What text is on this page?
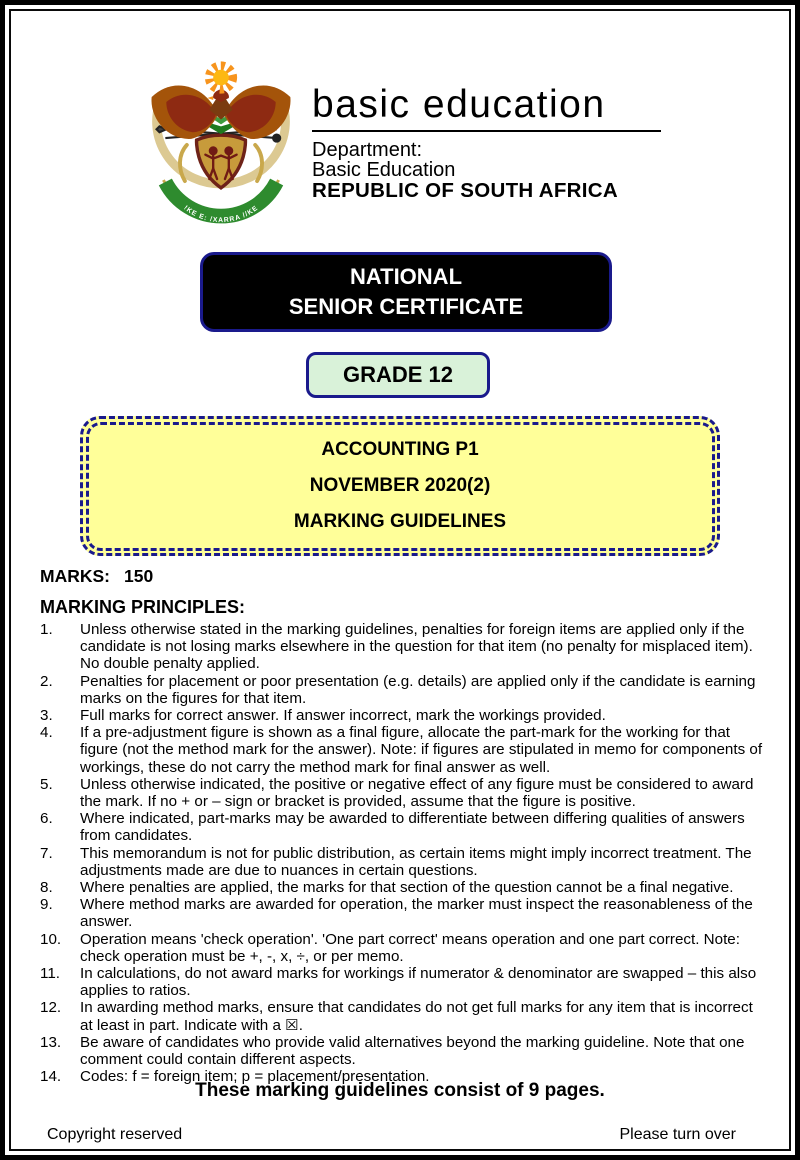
!KE E: /XARRA //KE
basic education
Department:
Basic Education
REPUBLIC OF SOUTH AFRICA
NATIONAL
SENIOR CERTIFICATE
GRADE 12
ACCOUNTING P1
NOVEMBER 2020(2)
MARKING GUIDELINES
MARKS: 150
MARKING PRINCIPLES:
1.	Unless otherwise stated in the marking guidelines, penalties for foreign items are applied only if the candidate is not losing marks elsewhere in the question for that item (no penalty for misplaced item). No double penalty applied.
2.	Penalties for placement or poor presentation (e.g. details) are applied only if the candidate is earning marks on the figures for that item.
3.	Full marks for correct answer. If answer incorrect, mark the workings provided.
4.	If a pre-adjustment figure is shown as a final figure, allocate the part-mark for the working for that figure (not the method mark for the answer). Note: if figures are stipulated in memo for components of workings, these do not carry the method mark for final answer as well.
5.	Unless otherwise indicated, the positive or negative effect of any figure must be considered to award the mark. If no + or – sign or bracket is provided, assume that the figure is positive.
6.	Where indicated, part-marks may be awarded to differentiate between differing qualities of answers from candidates.
7.	This memorandum is not for public distribution, as certain items might imply incorrect treatment. The adjustments made are due to nuances in certain questions.
8.	Where penalties are applied, the marks for that section of the question cannot be a final negative.
9.	Where method marks are awarded for operation, the marker must inspect the reasonableness of the answer.
10.	Operation means 'check operation'. 'One part correct' means operation and one part correct. Note: check operation must be +, -, x, ÷, or per memo.
11.	In calculations, do not award marks for workings if numerator & denominator are swapped – this also applies to ratios.
12.	In awarding method marks, ensure that candidates do not get full marks for any item that is incorrect at least in part. Indicate with a ☒.
13.	Be aware of candidates who provide valid alternatives beyond the marking guideline. Note that one comment could contain different aspects.
14.	Codes: f = foreign item; p = placement/presentation.
These marking guidelines consist of 9 pages.
Copyright reserved	Please turn over
